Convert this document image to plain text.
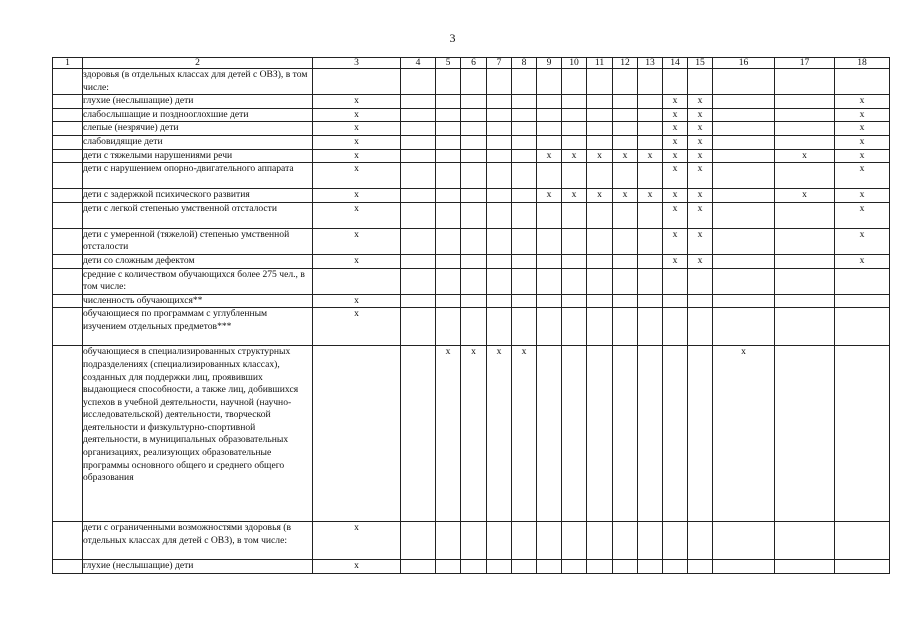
3
1	2	3	4	5	6	7	8	9	10	11	12	13	14	15	16	17	18
	здоровья (в отдельных классах для детей с ОВЗ), в том числе:																
	глухие (неслышащие) дети	x											x	x			x
	слабослышащие и позднооглохшие дети	x											x	x			x
	слепые (незрячие) дети	x											x	x			x
	слабовидящие дети	x											x	x			x
	дети с тяжелыми нарушениями речи	x						x	x	x	x	x	x	x		x	x
	дети с нарушением опорно-двигательного аппарата	x											x	x			x
	дети с задержкой психического развития	x						x	x	x	x	x	x	x		x	x
	дети с легкой степенью умственной отсталости	x											x	x			x
	дети с умеренной (тяжелой) степенью умственной отсталости	x											x	x			x
	дети со сложным дефектом	x											x	x			x
	средние с количеством обучающихся более 275 чел., в том числе:																
	численность обучающихся**	x															
	обучающиеся по программам с углубленным изучением отдельных предметов***	x															
	обучающиеся в специализированных структурных подразделениях (специализированных классах), созданных для поддержки лиц, проявивших выдающиеся способности, а также лиц, добившихся успехов в учебной деятельности, научной (научно-исследовательской) деятельности, творческой деятельности и физкультурно-спортивной деятельности, в муниципальных образовательных организациях, реализующих образовательные программы основного общего и среднего общего образования			x	x	x	x								x		
	дети с ограниченными возможностями здоровья (в отдельных классах для детей с ОВЗ), в том числе:	x															
	глухие (неслышащие) дети	x															
